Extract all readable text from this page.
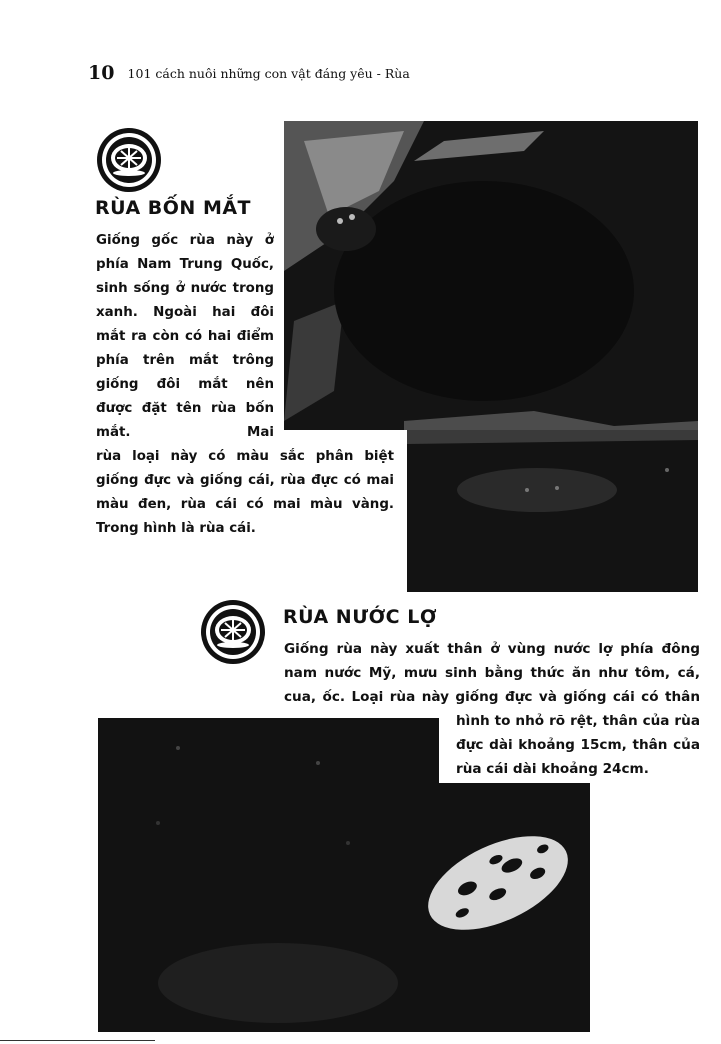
10 101 cách nuôi những con vật đáng yêu - Rùa
RÙA BỐN MẮT

Giống gốc rùa này ở phía Nam Trung Quốc, sinh sống ở nước trong xanh. Ngoài hai đôi mắt ra còn có hai điểm phía trên mắt trông giống đôi mắt nên được đặt tên rùa bốn mắt. Mai

rùa loại này có màu sắc phân biệt giống đực và giống cái, rùa đực có mai màu đen, rùa cái có mai màu vàng. Trong hình là rùa cái.

RÙA NƯỚC LỢ

Giống rùa này xuất thân ở vùng nước lợ phía đông nam nước Mỹ, mưu sinh bằng thức ăn như tôm, cá, cua, ốc. Loại rùa này giống đực và giống cái có thân

hình to nhỏ rõ rệt, thân của rùa đực dài khoảng 15cm, thân của rùa cái dài khoảng 24cm.
